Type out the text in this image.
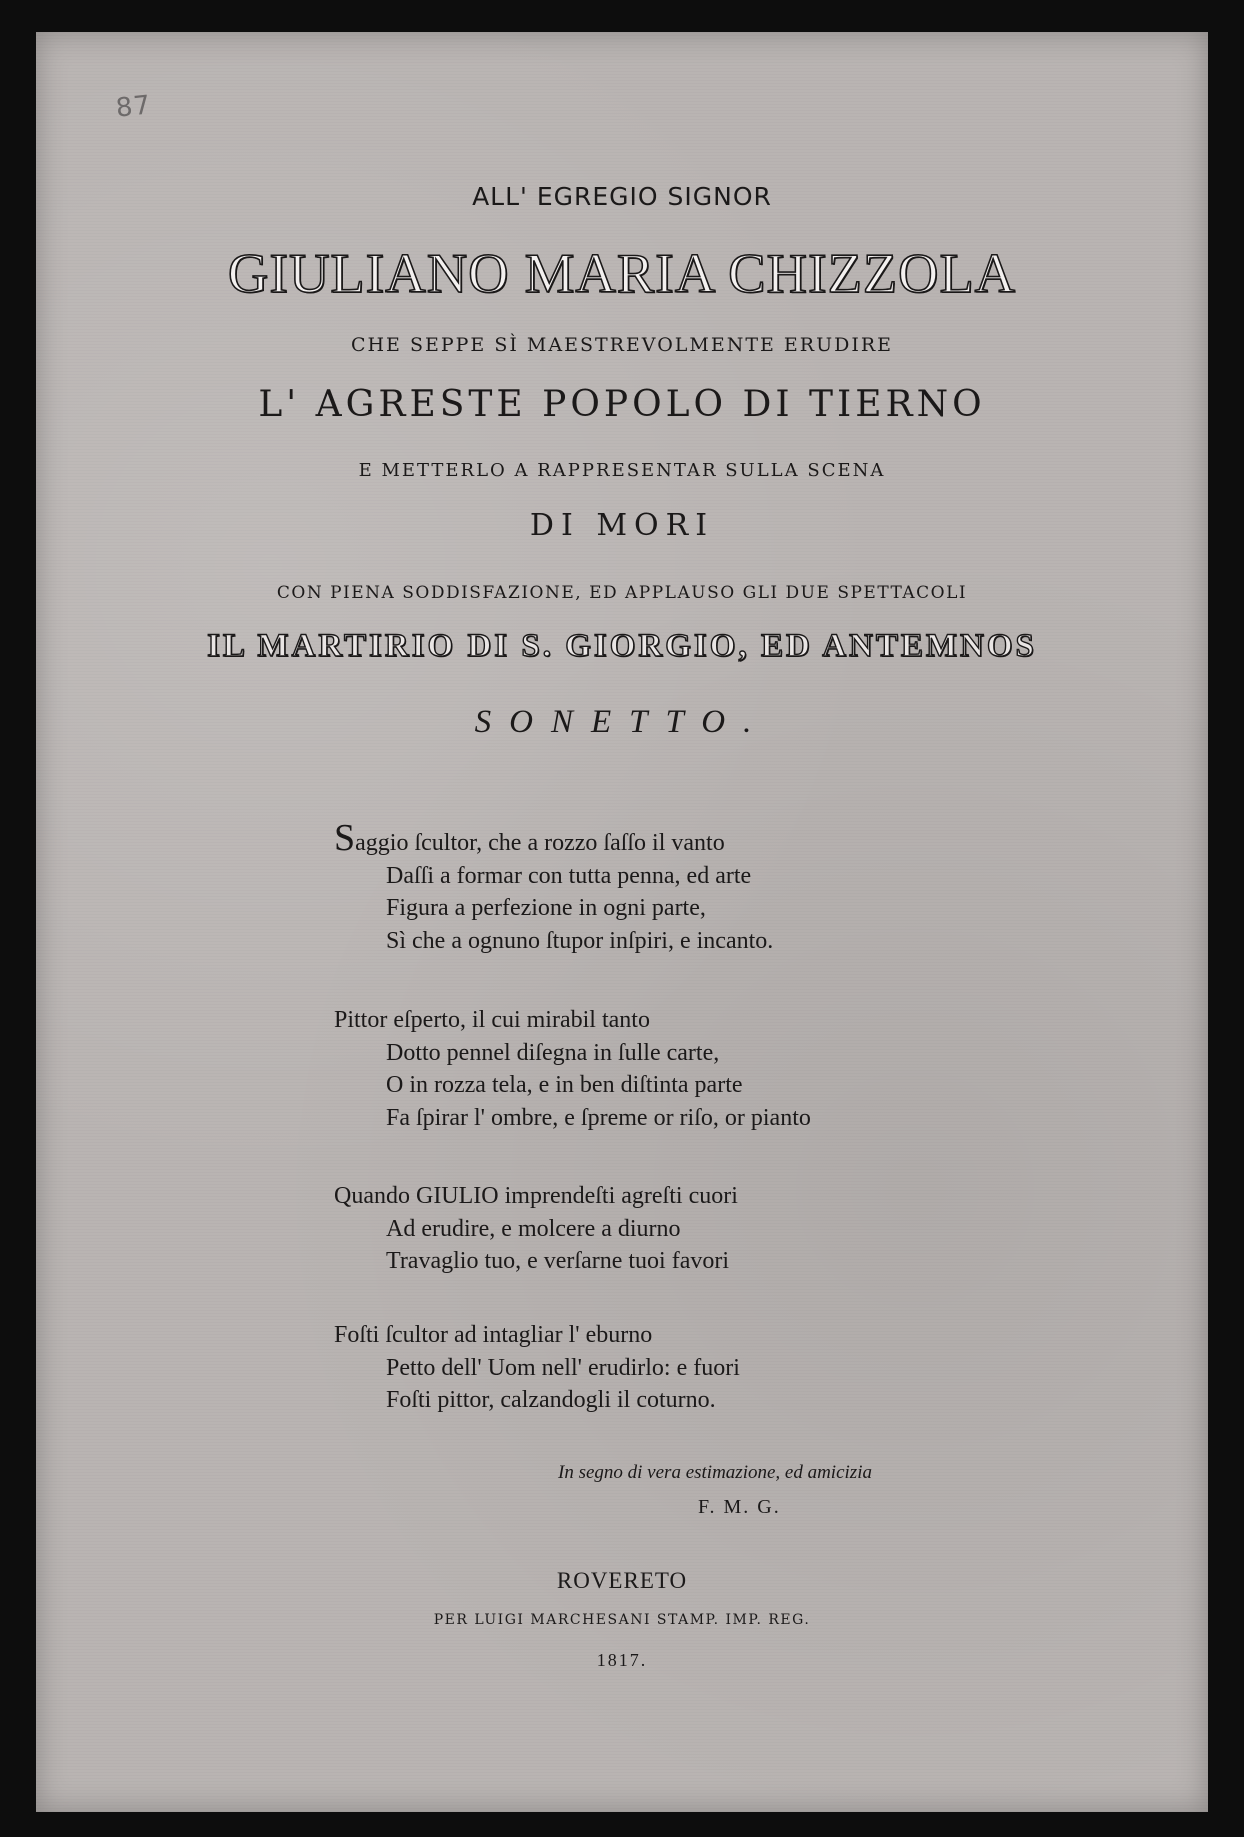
87
ALL' EGREGIO SIGNOR
GIULIANO MARIA CHIZZOLA
CHE SEPPE SÌ MAESTREVOLMENTE ERUDIRE
L' AGRESTE POPOLO DI TIERNO
E METTERLO A RAPPRESENTAR SULLA SCENA
DI MORI
CON PIENA SODDISFAZIONE, ED APPLAUSO GLI DUE SPETTACOLI
IL MARTIRIO DI S. GIORGIO, ED ANTEMNOS
SONETTO.
Saggio ſcultor, che a rozzo ſaſſo il vanto
Daſſi a formar con tutta penna, ed arte
Figura a perfezione in ogni parte,
Sì che a ognuno ſtupor inſpiri, e incanto.
Pittor eſperto, il cui mirabil tanto
Dotto pennel diſegna in ſulle carte,
O in rozza tela, e in ben diſtinta parte
Fa ſpirar l' ombre, e ſpreme or riſo, or pianto
Quando GIULIO imprendeſti agreſti cuori
Ad erudire, e molcere a diurno
Travaglio tuo, e verſarne tuoi favori
Foſti ſcultor ad intagliar l' eburno
Petto dell' Uom nell' erudirlo: e fuori
Foſti pittor, calzandogli il coturno.
In segno di vera estimazione, ed amicizia
F. M. G.
ROVERETO
PER LUIGI MARCHESANI STAMP. IMP. REG.
1817.
